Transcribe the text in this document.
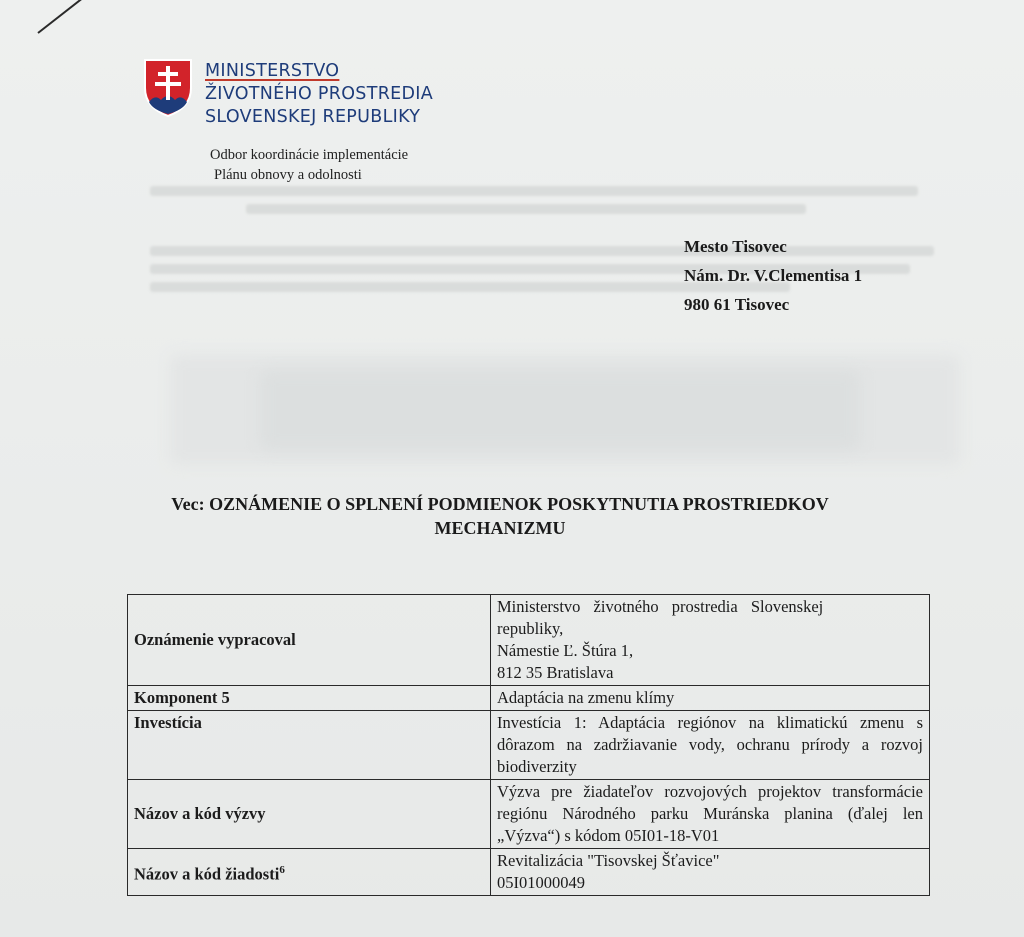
MINISTERSTVO
ŽIVOTNÉHO PROSTREDIA
SLOVENSKEJ REPUBLIKY
Odbor koordinácie implementácie
Plánu obnovy a odolnosti
Mesto Tisovec
Nám. Dr. V.Clementisa 1
980 61 Tisovec
Vec: OZNÁMENIE O SPLNENÍ PODMIENOK POSKYTNUTIA PROSTRIEDKOV MECHANIZMU
Oznámenie vypracoval	Ministerstvo životného prostredia Slovenskej
republiky,
Námestie Ľ. Štúra 1,
812 35 Bratislava

Komponent 5	Adaptácia na zmenu klímy
Investícia	Investícia 1: Adaptácia regiónov na klimatickú zmenu s dôrazom na zadržiavanie vody, ochranu prírody a rozvoj biodiverzity
Názov a kód výzvy	Výzva pre žiadateľov rozvojových projektov transformácie regiónu Národného parku Muránska planina (ďalej len „Výzva“) s kódom 05I01-18-V01
Názov a kód žiadosti$^6$	Revitalizácia "Tisovskej Šťavice"
05I01000049
